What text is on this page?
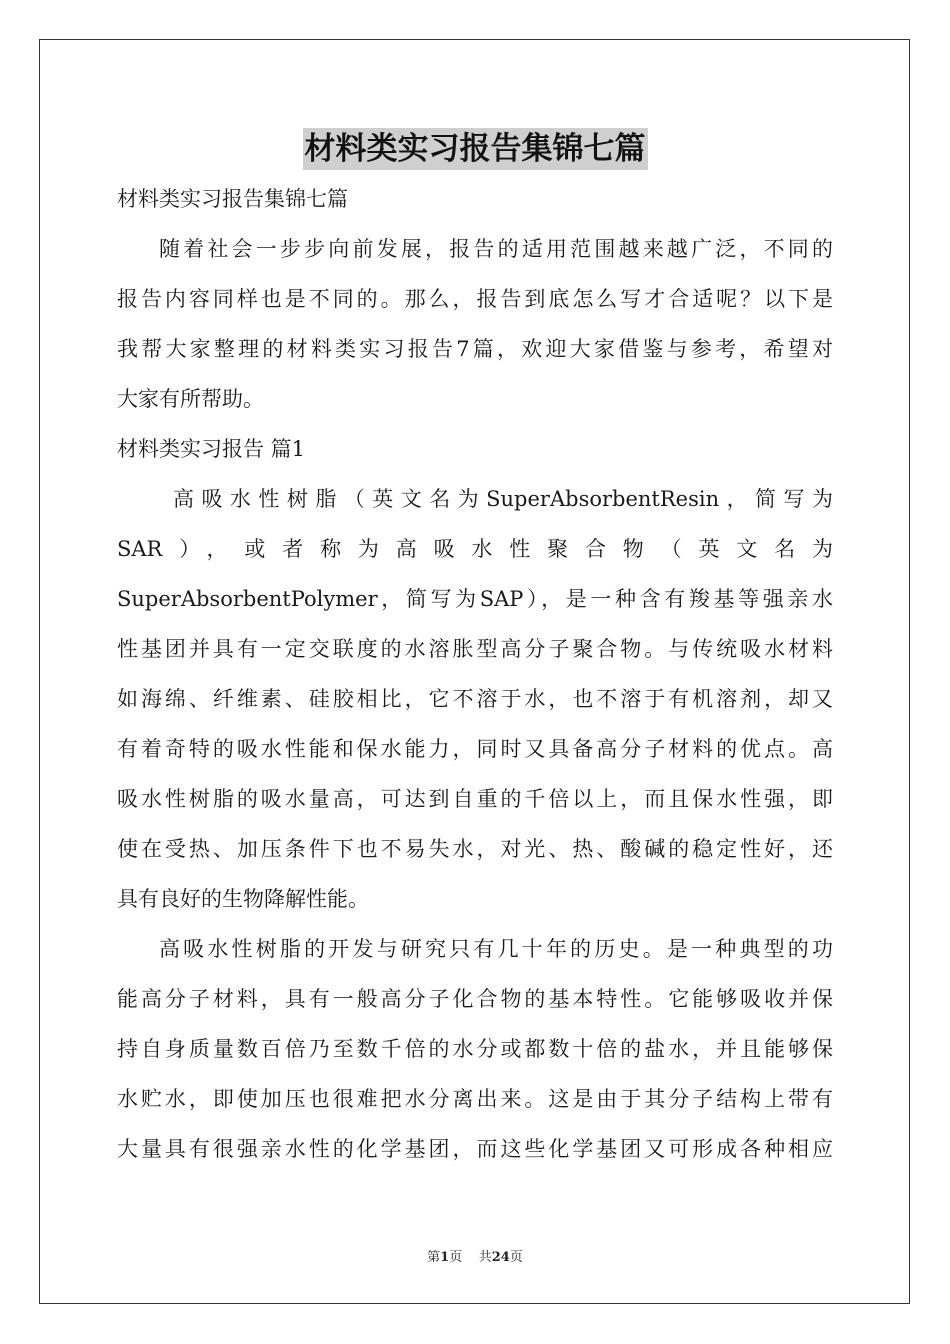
材料类实习报告集锦七篇
材料类实习报告集锦七篇
随着社会一步步向前发展，报告的适用范围越来越广泛，不同的
报告内容同样也是不同的。那么，报告到底怎么写才合适呢？以下是
我帮大家整理的材料类实习报告7篇，欢迎大家借鉴与参考，希望对
大家有所帮助。
材料类实习报告 篇1
高吸水性树脂（英文名为SuperAbsorbentResin，简写为
SAR），或者称为高吸水性聚合物（英文名为
SuperAbsorbentPolymer，简写为SAP），是一种含有羧基等强亲水
性基团并具有一定交联度的水溶胀型高分子聚合物。与传统吸水材料
如海绵、纤维素、硅胶相比，它不溶于水，也不溶于有机溶剂，却又
有着奇特的吸水性能和保水能力，同时又具备高分子材料的优点。高
吸水性树脂的吸水量高，可达到自重的千倍以上，而且保水性强，即
使在受热、加压条件下也不易失水，对光、热、酸碱的稳定性好，还
具有良好的生物降解性能。
高吸水性树脂的开发与研究只有几十年的历史。是一种典型的功
能高分子材料，具有一般高分子化合物的基本特性。它能够吸收并保
持自身质量数百倍乃至数千倍的水分或都数十倍的盐水，并且能够保
水贮水，即使加压也很难把水分离出来。这是由于其分子结构上带有
大量具有很强亲水性的化学基团，而这些化学基团又可形成各种相应
第1页 共24页
